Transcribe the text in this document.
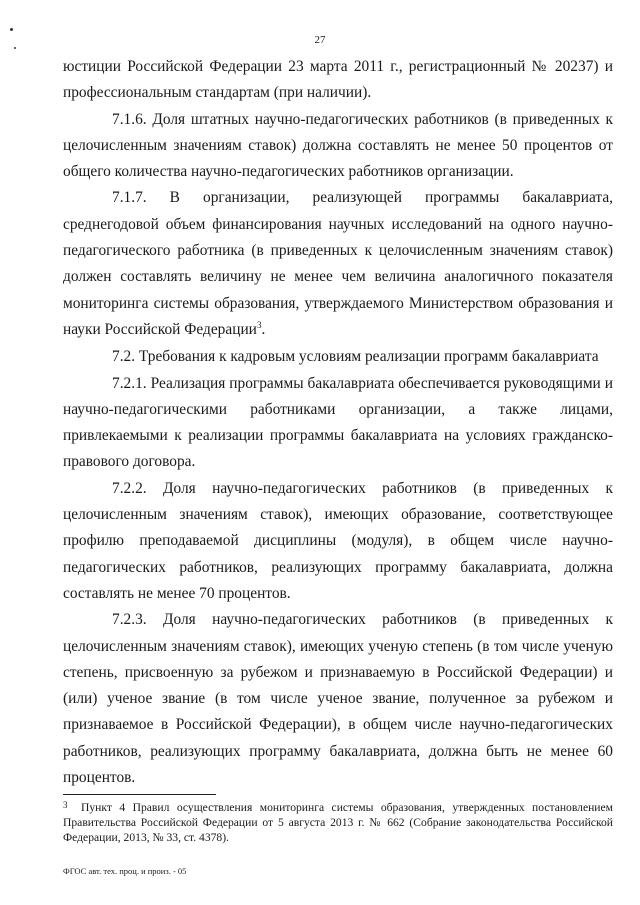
27

юстиции Российской Федерации 23 марта 2011 г., регистрационный № 20237) и профессиональным стандартам (при наличии).

7.1.6. Доля штатных научно-педагогических работников (в приведенных к целочисленным значениям ставок) должна составлять не менее 50 процентов от общего количества научно-педагогических работников организации.

7.1.7. В организации, реализующей программы бакалавриата, среднегодовой объем финансирования научных исследований на одного научно-педагогического работника (в приведенных к целочисленным значениям ставок) должен составлять величину не менее чем величина аналогичного показателя мониторинга системы образования, утверждаемого Министерством образования и науки Российской Федерации$^3$.

7.2. Требования к кадровым условиям реализации программ бакалавриата

7.2.1. Реализация программы бакалавриата обеспечивается руководящими и научно-педагогическими работниками организации, а также лицами, привлекаемыми к реализации программы бакалавриата на условиях гражданско-правового договора.

7.2.2. Доля научно-педагогических работников (в приведенных к целочисленным значениям ставок), имеющих образование, соответствующее профилю преподаваемой дисциплины (модуля), в общем числе научно-педагогических работников, реализующих программу бакалавриата, должна составлять не менее 70 процентов.

7.2.3. Доля научно-педагогических работников (в приведенных к целочисленным значениям ставок), имеющих ученую степень (в том числе ученую степень, присвоенную за рубежом и признаваемую в Российской Федерации) и (или) ученое звание (в том числе ученое звание, полученное за рубежом и признаваемое в Российской Федерации), в общем числе научно-педагогических работников, реализующих программу бакалавриата, должна быть не менее 60 процентов.

3 Пункт 4 Правил осуществления мониторинга системы образования, утвержденных постановлением Правительства Российской Федерации от 5 августа 2013 г. № 662 (Собрание законодательства Российской Федерации, 2013, № 33, ст. 4378).
ФГОС авт. тех. проц. и произ. - 05
